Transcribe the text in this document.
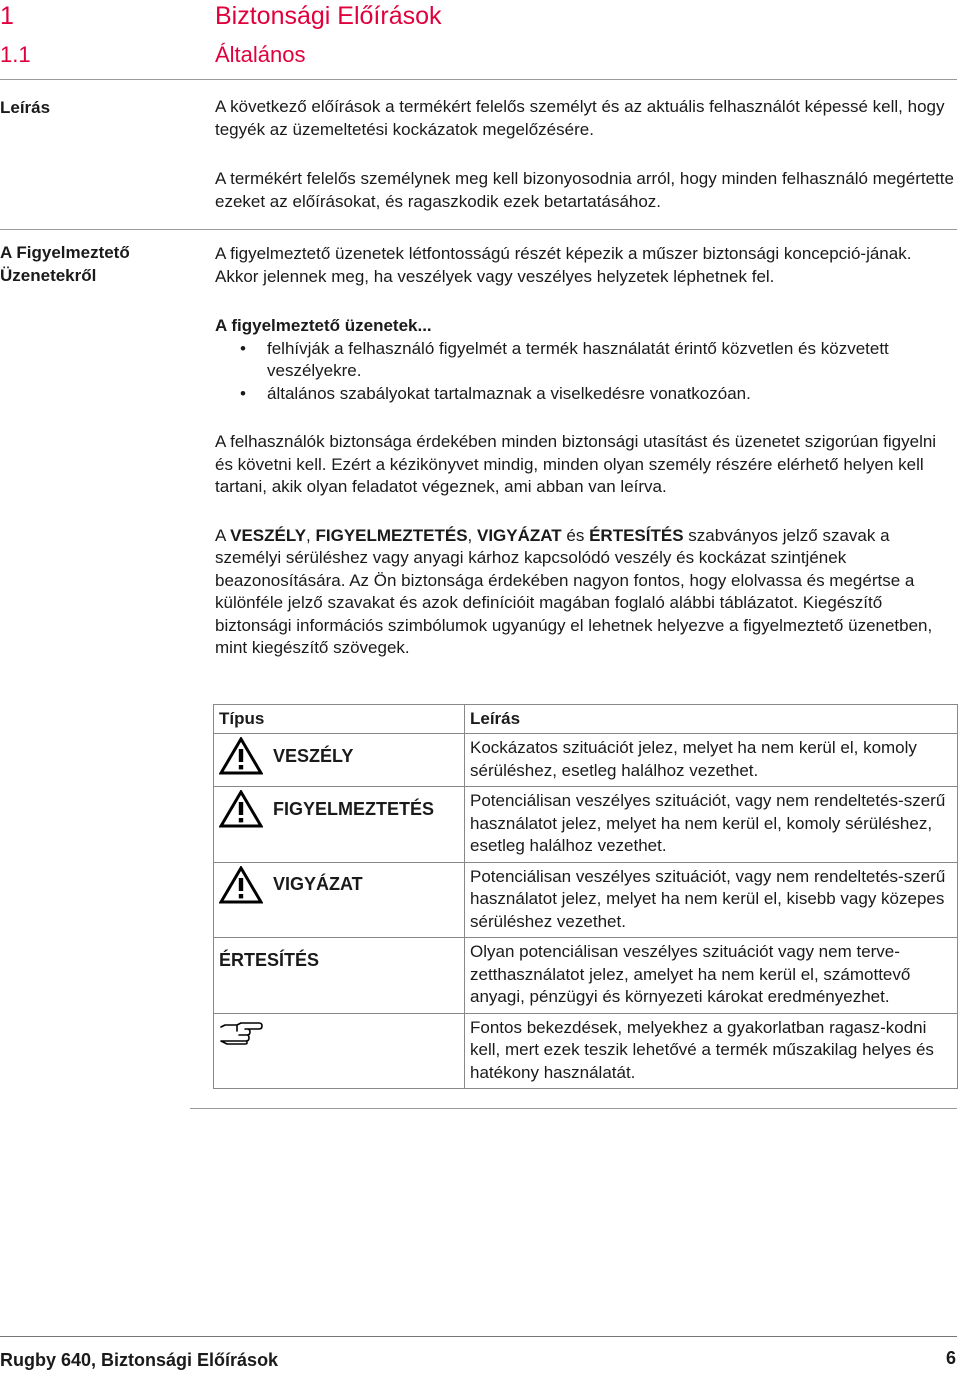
1	Biztonsági Előírások
1.1	Általános
Leírás	A következő előírások a termékért felelős személyt és az aktuális felhasználót képessé kell, hogy tegyék az üzemeltetési kockázatok megelőzésére.

A termékért felelős személynek meg kell bizonyosodnia arról, hogy minden felhasználó megértette ezeket az előírásokat, és ragaszkodik ezek betartatásához.

A Figyelmeztető
Üzenetekről

A figyelmeztető üzenetek létfontosságú részét képezik a műszer biztonsági koncepció-jának. Akkor jelennek meg, ha veszélyek vagy veszélyes helyzetek léphetnek fel.

A figyelmeztető üzenetek...

• felhívják a felhasználó figyelmét a termék használatát érintő közvetlen és közvetett veszélyekre.
• általános szabályokat tartalmaznak a viselkedésre vonatkozóan.

A felhasználók biztonsága érdekében minden biztonsági utasítást és üzenetet szigorúan figyelni és követni kell. Ezért a kézikönyvet mindig, minden olyan személy részére elérhető helyen kell tartani, akik olyan feladatot végeznek, ami abban van leírva.

A VESZÉLY, FIGYELMEZTETÉS, VIGYÁZAT és ÉRTESÍTÉS szabványos jelző szavak a személyi sérüléshez vagy anyagi kárhoz kapcsolódó veszély és kockázat szintjének beazonosítására. Az Ön biztonsága érdekében nagyon fontos, hogy elolvassa és megértse a különféle jelző szavakat és azok definícióit magában foglaló alábbi táblázatot. Kiegészítő biztonsági információs szimbólumok ugyanúgy el lehetnek helyezve a figyelmeztető üzenetben, mint kiegészítő szövegek.

Típus	Leírás
VESZÉLY	Kockázatos szituációt jelez, melyet ha nem kerül el, komoly sérüléshez, esetleg halálhoz vezethet.
FIGYELMEZTETÉS	Potenciálisan veszélyes szituációt, vagy nem rendeltetés-szerű használatot jelez, melyet ha nem kerül el, komoly sérüléshez, esetleg halálhoz vezethet.
VIGYÁZAT	Potenciálisan veszélyes szituációt, vagy nem rendeltetés-szerű használatot jelez, melyet ha nem kerül el, kisebb vagy közepes sérüléshez vezethet.
ÉRTESÍTÉS	Olyan potenciálisan veszélyes szituációt vagy nem terve-zetthasználatot jelez, amelyet ha nem kerül el, számottevő anyagi, pénzügyi és környezeti károkat eredményezhet.
	Fontos bekezdések, melyekhez a gyakorlatban ragasz-kodni kell, mert ezek teszik lehetővé a termék műszakilag helyes és hatékony használatát.
Rugby 640, Biztonsági Előírások	6
